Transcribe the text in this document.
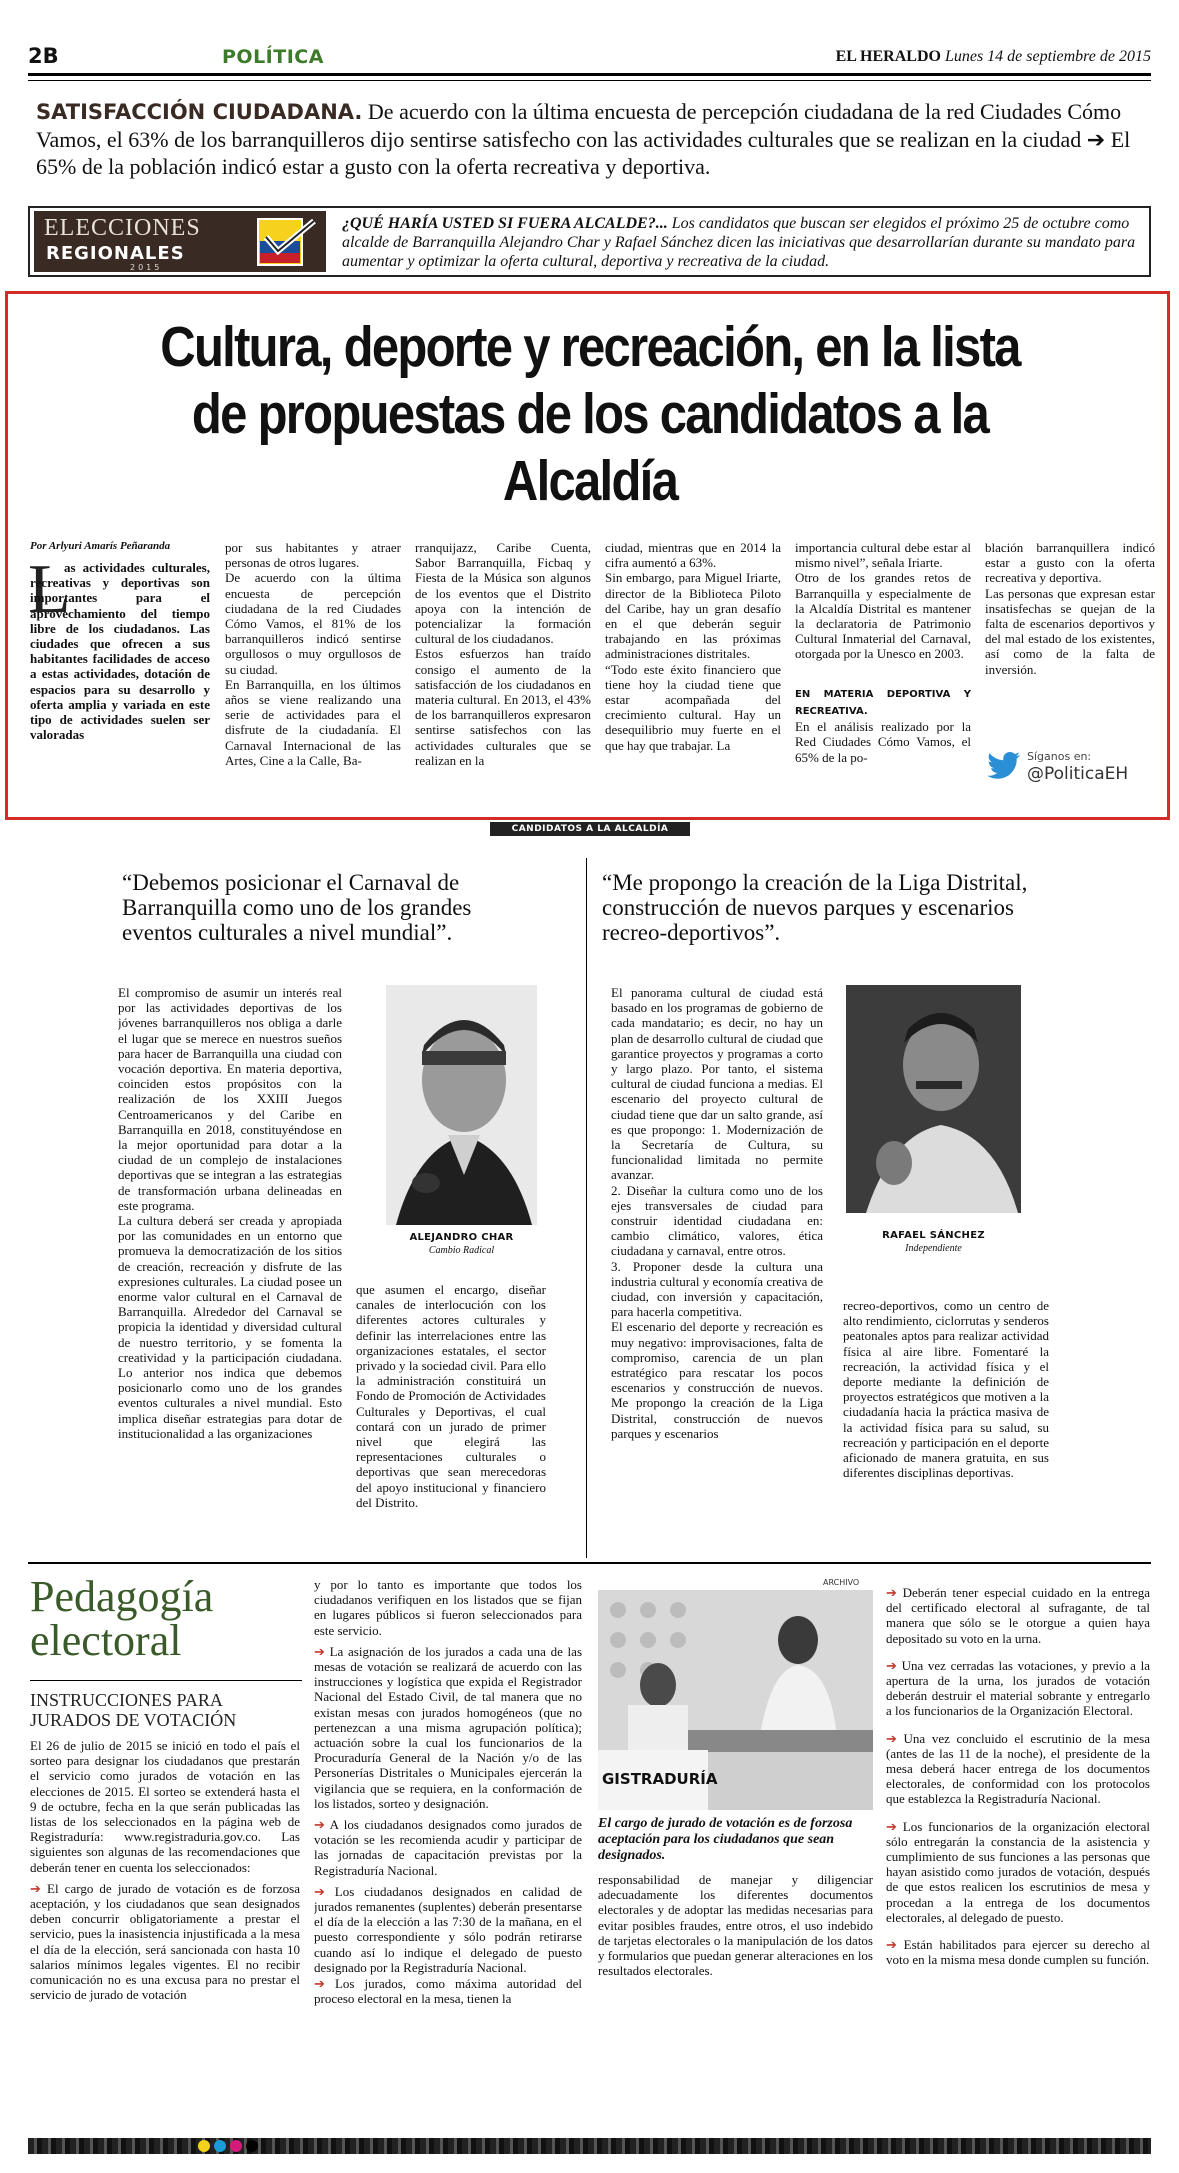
2B	POLÍTICA	EL HERALDO Lunes 14 de septiembre de 2015
SATISFACCIÓN CIUDADANA. De acuerdo con la última encuesta de percepción ciudadana de la red Ciudades Cómo Vamos, el 63% de los barranquilleros dijo sentirse satisfecho con las actividades culturales que se realizan en la ciudad ➔ El 65% de la población indicó estar a gusto con la oferta recreativa y deportiva.
ELECCIONES
REGIONALES
2015
¿QUÉ HARÍA USTED SI FUERA ALCALDE?... Los candidatos que buscan ser elegidos el próximo 25 de octubre como alcalde de Barranquilla Alejandro Char y Rafael Sánchez dicen las iniciativas que desarrollarían durante su mandato para aumentar y optimizar la oferta cultural, deportiva y recreativa de la ciudad.
Cultura, deporte y recreación, en la lista
de propuestas de los candidatos a la Alcaldía
Por Arlyuri Amarís Peñaranda
L

as actividades culturales, recreativas y deportivas son importantes para el aprovechamiento del tiempo libre de los ciudadanos. Las ciudades que ofrecen a sus habitantes facilidades de acceso a estas actividades, dotación de espacios para su desarrollo y oferta amplia y variada en este tipo de actividades suelen ser valoradas

por sus habitantes y atraer personas de otros lugares.
De acuerdo con la última encuesta de percepción ciudadana de la red Ciudades Cómo Vamos, el 81% de los barranquilleros indicó sentirse orgullosos o muy orgullosos de su ciudad.
En Barranquilla, en los últimos años se viene realizando una serie de actividades para el disfrute de la ciudadanía. El Carnaval Internacional de las Artes, Cine a la Calle, Ba-

rranquijazz, Caribe Cuenta, Sabor Barranquilla, Ficbaq y Fiesta de la Música son algunos de los eventos que el Distrito apoya con la intención de potencializar la formación cultural de los ciudadanos.
Estos esfuerzos han traído consigo el aumento de la satisfacción de los ciudadanos en materia cultural. En 2013, el 43% de los barranquilleros expresaron sentirse satisfechos con las actividades culturales que se realizan en la

ciudad, mientras que en 2014 la cifra aumentó a 63%.
Sin embargo, para Miguel Iriarte, director de la Biblioteca Piloto del Caribe, hay un gran desafío en el que deberán seguir trabajando en las próximas administraciones distritales.
“Todo este éxito financiero que tiene hoy la ciudad tiene que estar acompañada del crecimiento cultural. Hay un desequilibrio muy fuerte en el que hay que trabajar. La

importancia cultural debe estar al mismo nivel”, señala Iriarte.
Otro de los grandes retos de Barranquilla y especialmente de la Alcaldía Distrital es mantener la declaratoria de Patrimonio Cultural Inmaterial del Carnaval, otorgada por la Unesco en 2003.

EN MATERIA DEPORTIVA Y RECREATIVA.
En el análisis realizado por la Red Ciudades Cómo Vamos, el 65% de la po-

blación barranquillera indicó estar a gusto con la oferta recreativa y deportiva.
Las personas que expresan estar insatisfechas se quejan de la falta de escenarios deportivos y del mal estado de los existentes, así como de la falta de inversión.

Síganos en:
@PoliticaEH
CANDIDATOS A LA ALCALDÍA
“Debemos posicionar el Carnaval de Barranquilla como uno de los grandes eventos culturales a nivel mundial”.

El compromiso de asumir un interés real por las actividades deportivas de los jóvenes barranquilleros nos obliga a darle el lugar que se merece en nuestros sueños para hacer de Barranquilla una ciudad con vocación deportiva. En materia deportiva, coinciden estos propósitos con la realización de los XXIII Juegos Centroamericanos y del Caribe en Barranquilla en 2018, constituyéndose en la mejor oportunidad para dotar a la ciudad de un complejo de instalaciones deportivas que se integran a las estrategias de transformación urbana delineadas en este programa.
La cultura deberá ser creada y apropiada por las comunidades en un entorno que promueva la democratización de los sitios de creación, recreación y disfrute de las expresiones culturales. La ciudad posee un enorme valor cultural en el Carnaval de Barranquilla. Alrededor del Carnaval se propicia la identidad y diversidad cultural de nuestro territorio, y se fomenta la creatividad y la participación ciudadana. Lo anterior nos indica que debemos posicionarlo como uno de los grandes eventos culturales a nivel mundial. Esto implica diseñar estrategias para dotar de institucionalidad a las organizaciones

ALEJANDRO CHAR
Cambio Radical

que asumen el encargo, diseñar canales de interlocución con los diferentes actores culturales y definir las interrelaciones entre las organizaciones estatales, el sector privado y la sociedad civil. Para ello la administración constituirá un Fondo de Promoción de Actividades Culturales y Deportivas, el cual contará con un jurado de primer nivel que elegirá las representaciones culturales o deportivas que sean merecedoras del apoyo institucional y financiero del Distrito.

“Me propongo la creación de la Liga Distrital, construcción de nuevos parques y escenarios recreo-deportivos”.

El panorama cultural de ciudad está basado en los programas de gobierno de cada mandatario; es decir, no hay un plan de desarrollo cultural de ciudad que garantice proyectos y programas a corto y largo plazo. Por tanto, el sistema cultural de ciudad funciona a medias. El escenario del proyecto cultural de ciudad tiene que dar un salto grande, así es que propongo: 1. Modernización de la Secretaría de Cultura, su funcionalidad limitada no permite avanzar.
2. Diseñar la cultura como uno de los ejes transversales de ciudad para construir identidad ciudadana en: cambio climático, valores, ética ciudadana y carnaval, entre otros.
3. Proponer desde la cultura una industria cultural y economía creativa de ciudad, con inversión y capacitación, para hacerla competitiva.
El escenario del deporte y recreación es muy negativo: improvisaciones, falta de compromiso, carencia de un plan estratégico para rescatar los pocos escenarios y construcción de nuevos. Me propongo la creación de la Liga Distrital, construcción de nuevos parques y escenarios

RAFAEL SÁNCHEZ
Independiente

recreo-deportivos, como un centro de alto rendimiento, ciclorrutas y senderos peatonales aptos para realizar actividad física al aire libre. Fomentaré la recreación, la actividad física y el deporte mediante la definición de proyectos estratégicos que motiven a la ciudadanía hacia la práctica masiva de la actividad física para su salud, su recreación y participación en el deporte aficionado de manera gratuita, en sus diferentes disciplinas deportivas.

Pedagogía
electoral
INSTRUCCIONES PARA
JURADOS DE VOTACIÓN

El 26 de julio de 2015 se inició en todo el país el sorteo para designar los ciudadanos que prestarán el servicio como jurados de votación en las elecciones de 2015. El sorteo se extenderá hasta el 9 de octubre, fecha en la que serán publicadas las listas de los seleccionados en la página web de Registraduría: www.registraduria.gov.co. Las siguientes son algunas de las recomendaciones que deberán tener en cuenta los seleccionados:

➔ El cargo de jurado de votación es de forzosa aceptación, y los ciudadanos que sean designados deben concurrir obligatoriamente a prestar el servicio, pues la inasistencia injustificada a la mesa el día de la elección, será sancionada con hasta 10 salarios mínimos legales vigentes. El no recibir comunicación no es una excusa para no prestar el servicio de jurado de votación

y por lo tanto es importante que todos los ciudadanos verifiquen en los listados que se fijan en lugares públicos si fueron seleccionados para este servicio.

➔ La asignación de los jurados a cada una de las mesas de votación se realizará de acuerdo con las instrucciones y logística que expida el Registrador Nacional del Estado Civil, de tal manera que no existan mesas con jurados homogéneos (que no pertenezcan a una misma agrupación política); actuación sobre la cual los funcionarios de la Procuraduría General de la Nación y/o de las Personerías Distritales o Municipales ejercerán la vigilancia que se requiera, en la conformación de los listados, sorteo y designación.

➔ A los ciudadanos designados como jurados de votación se les recomienda acudir y participar de las jornadas de capacitación previstas por la Registraduría Nacional.

➔ Los ciudadanos designados en calidad de jurados remanentes (suplentes) deberán presentarse el día de la elección a las 7:30 de la mañana, en el puesto correspondiente y sólo podrán retirarse cuando así lo indique el delegado de puesto designado por la Registraduría Nacional.

➔ Los jurados, como máxima autoridad del proceso electoral en la mesa, tienen la

ARCHIVO
GISTRADURÍA
El cargo de jurado de votación es de forzosa aceptación para los ciudadanos que sean designados.

responsabilidad de manejar y diligenciar adecuadamente los diferentes documentos electorales y de adoptar las medidas necesarias para evitar posibles fraudes, entre otros, el uso indebido de tarjetas electorales o la manipulación de los datos y formularios que puedan generar alteraciones en los resultados electorales.

➔ Deberán tener especial cuidado en la entrega del certificado electoral al sufragante, de tal manera que sólo se le otorgue a quien haya depositado su voto en la urna.

➔ Una vez cerradas las votaciones, y previo a la apertura de la urna, los jurados de votación deberán destruir el material sobrante y entregarlo a los funcionarios de la Organización Electoral.

➔ Una vez concluido el escrutinio de la mesa (antes de las 11 de la noche), el presidente de la mesa deberá hacer entrega de los documentos electorales, de conformidad con los protocolos que establezca la Registraduría Nacional.

➔ Los funcionarios de la organización electoral sólo entregarán la constancia de la asistencia y cumplimiento de sus funciones a las personas que hayan asistido como jurados de votación, después de que estos realicen los escrutinios de mesa y procedan a la entrega de los documentos electorales, al delegado de puesto.

➔ Están habilitados para ejercer su derecho al voto en la misma mesa donde cumplen su función.
